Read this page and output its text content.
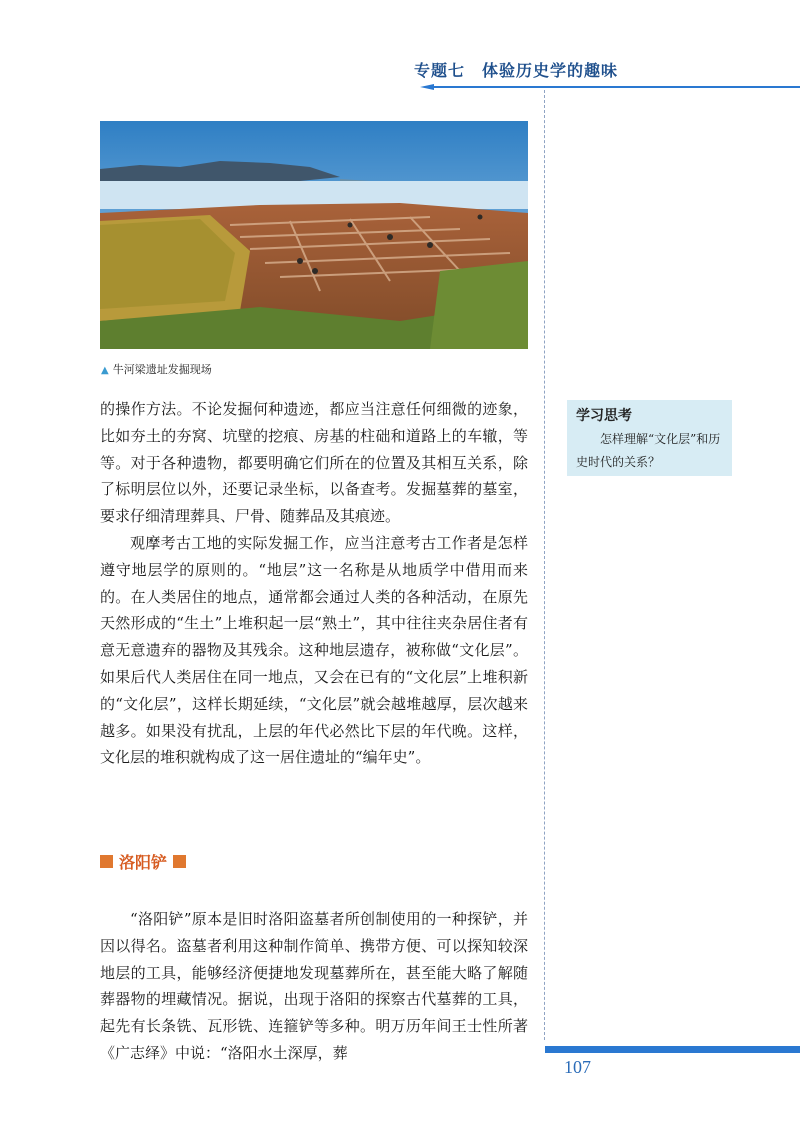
专题七　体验历史学的趣味
▲ 牛河梁遗址发掘现场

的操作方法。不论发掘何种遗迹，都应当注意任何细微的迹象，比如夯土的夯窝、坑壁的挖痕、房基的柱础和道路上的车辙，等等。对于各种遗物，都要明确它们所在的位置及其相互关系，除了标明层位以外，还要记录坐标，以备查考。发掘墓葬的墓室，要求仔细清理葬具、尸骨、随葬品及其痕迹。

观摩考古工地的实际发掘工作，应当注意考古工作者是怎样遵守地层学的原则的。“地层”这一名称是从地质学中借用而来的。在人类居住的地点，通常都会通过人类的各种活动，在原先天然形成的“生土”上堆积起一层“熟土”，其中往往夹杂居住者有意无意遗弃的器物及其残余。这种地层遗存，被称做“文化层”。如果后代人类居住在同一地点，又会在已有的“文化层”上堆积新的“文化层”，这样长期延续，“文化层”就会越堆越厚，层次越来越多。如果没有扰乱，上层的年代必然比下层的年代晚。这样，文化层的堆积就构成了这一居住遗址的“编年史”。

洛阳铲

“洛阳铲”原本是旧时洛阳盗墓者所创制使用的一种探铲，并因以得名。盗墓者利用这种制作简单、携带方便、可以探知较深地层的工具，能够经济便捷地发现墓葬所在，甚至能大略了解随葬器物的埋藏情况。据说，出现于洛阳的探察古代墓葬的工具，起先有长条铣、瓦形铣、连箍铲等多种。明万历年间王士性所著《广志绎》中说：“洛阳水土深厚，葬

学习思考
怎样理解“文化层”和历史时代的关系？
107
